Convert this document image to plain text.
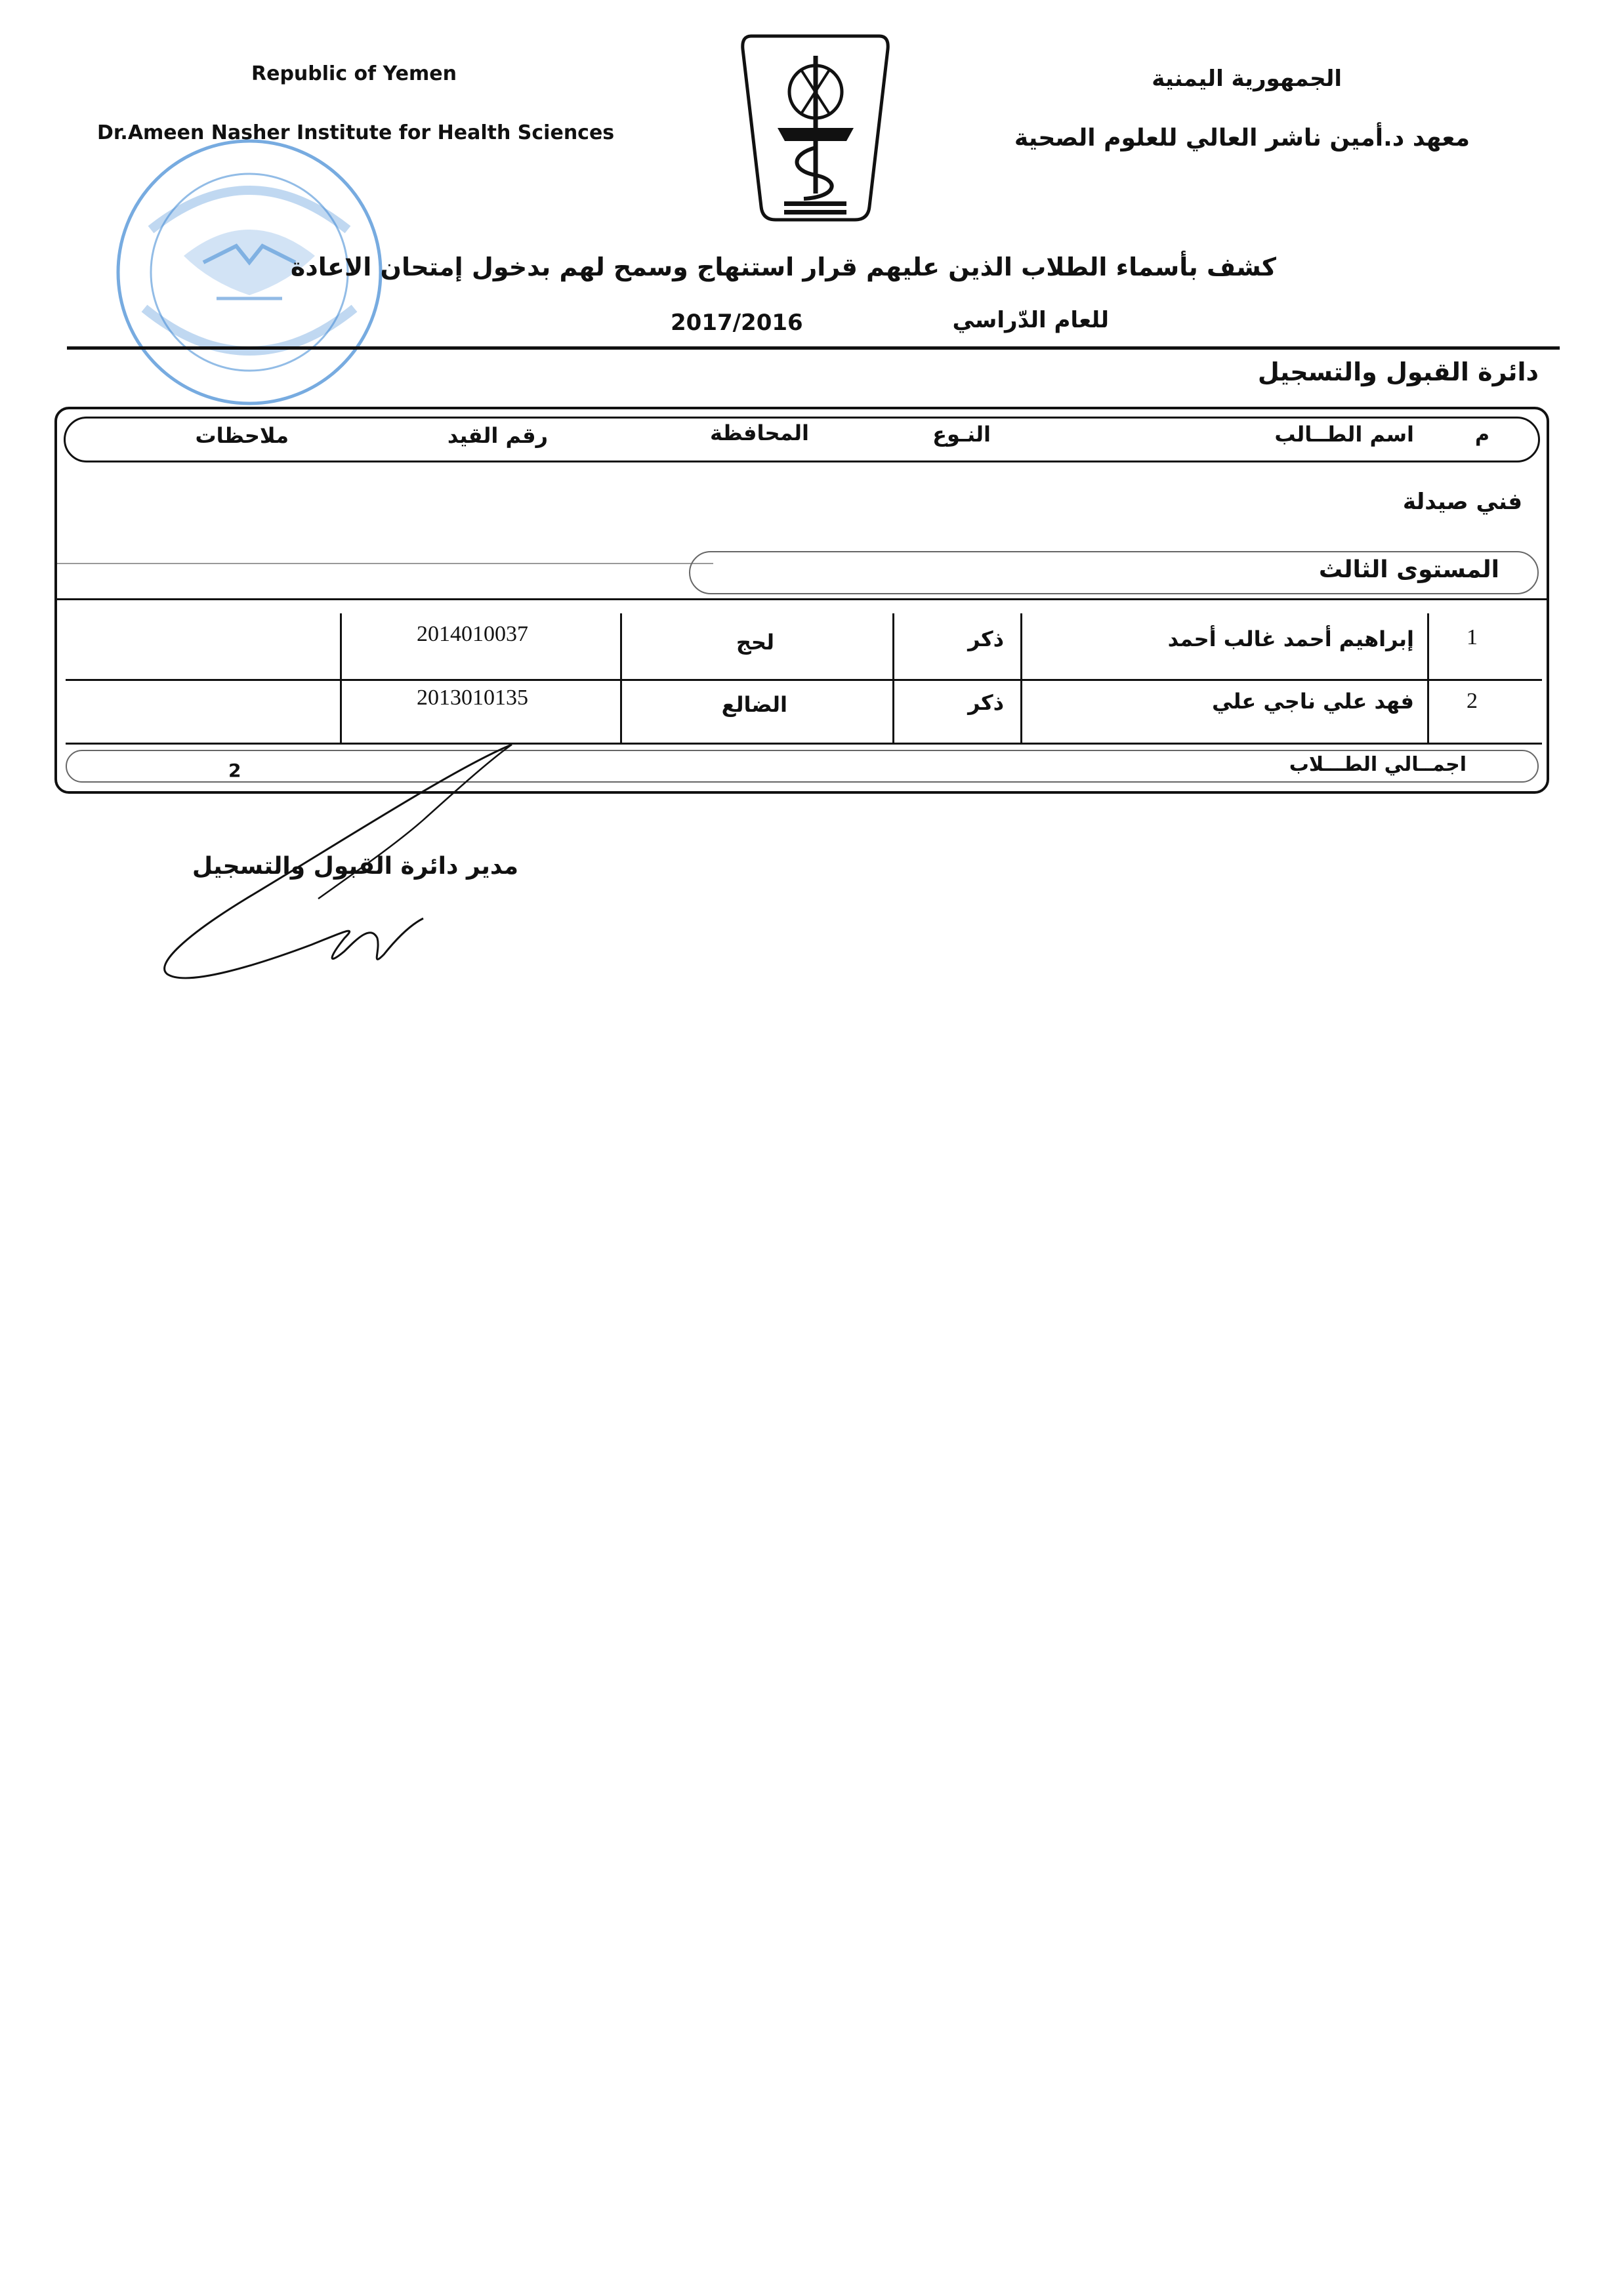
Republic of Yemen
Dr.Ameen Nasher Institute for Health Sciences
الجمهورية اليمنية
معهد د.أمين ناشر العالي للعلوم الصحية
كشف بأسماء الطلاب الذين عليهم قرار استنهاج وسمح لهم بدخول إمتحان الاعادة
للعام الدّراسي
2017/2016
دائرة القبول والتسجيل
م
اسم الطــالب
النـوع
المحافظة
رقم القيد
ملاحظات
فني صيدلة
المستوى الثالث
1
إبراهيم أحمد غالب أحمد
ذكر
لحج
2014010037
2
فهد علي ناجي علي
ذكر
الضالع
2013010135
اجمــالي الطـــلاب
2
مدير دائرة القبول والتسجيل
